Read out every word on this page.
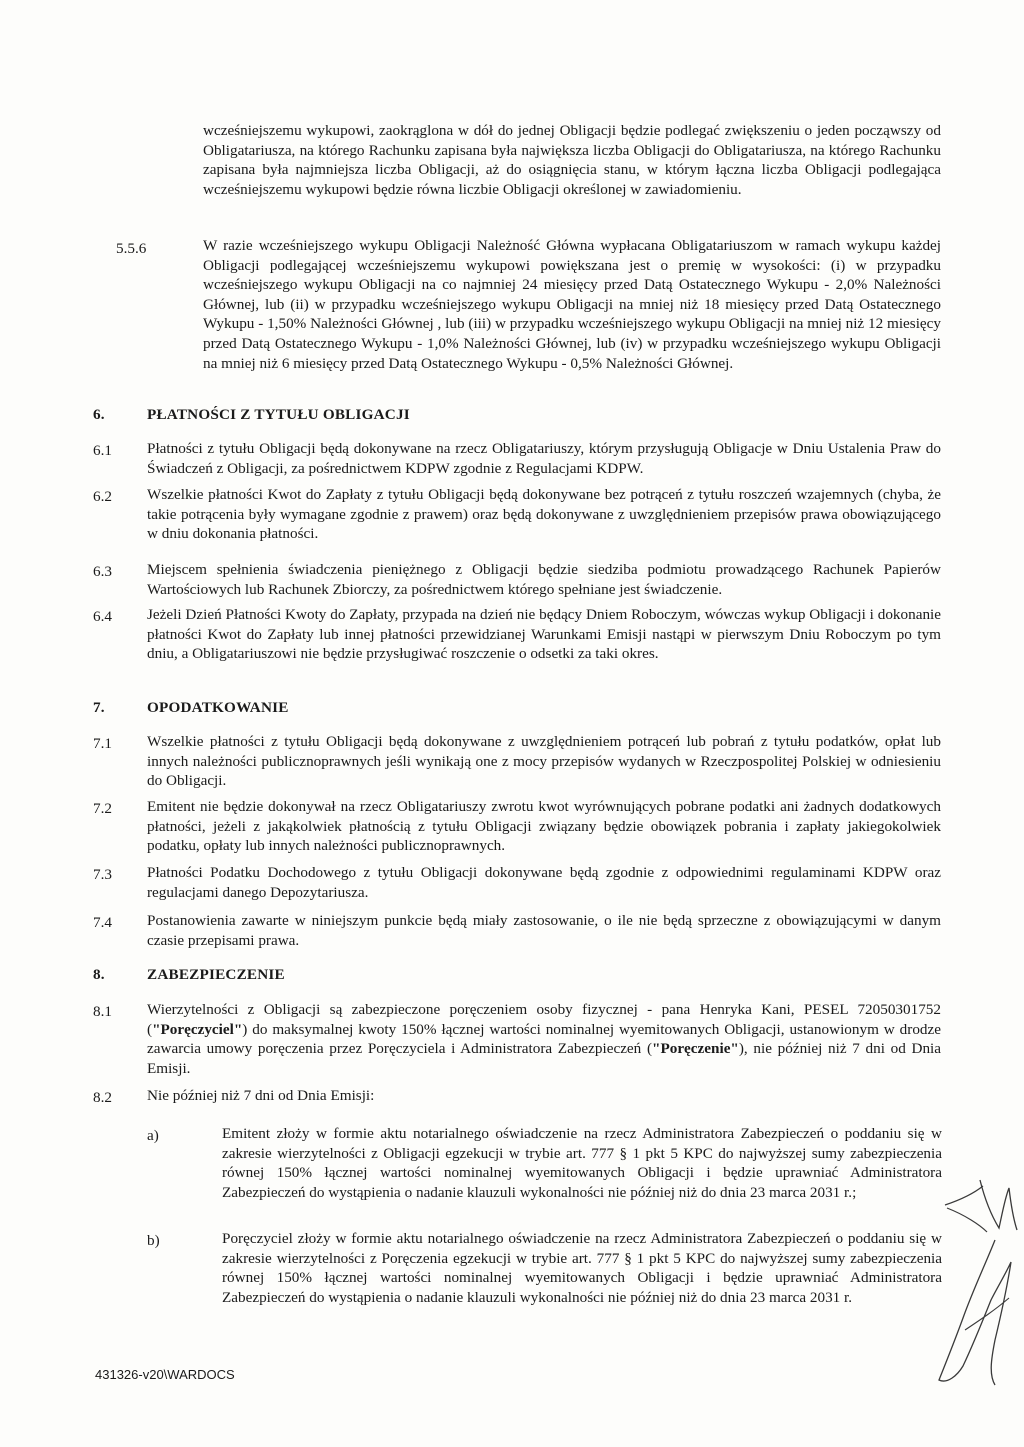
wcześniejszemu wykupowi, zaokrąglona w dół do jednej Obligacji będzie podlegać zwiększeniu o jeden począwszy od Obligatariusza, na którego Rachunku zapisana była największa liczba Obligacji do Obligatariusza, na którego Rachunku zapisana była najmniejsza liczba Obligacji, aż do osiągnięcia stanu, w którym łączna liczba Obligacji podlegająca wcześniejszemu wykupowi będzie równa liczbie Obligacji określonej w zawiadomieniu.
5.5.6	W razie wcześniejszego wykupu Obligacji Należność Główna wypłacana Obligatariuszom w ramach wykupu każdej Obligacji podlegającej wcześniejszemu wykupowi powiększana jest o premię w wysokości: (i) w przypadku wcześniejszego wykupu Obligacji na co najmniej 24 miesięcy przed Datą Ostatecznego Wykupu - 2,0% Należności Głównej, lub (ii) w przypadku wcześniejszego wykupu Obligacji na mniej niż 18 miesięcy przed Datą Ostatecznego Wykupu - 1,50% Należności Głównej , lub (iii) w przypadku wcześniejszego wykupu Obligacji na mniej niż 12 miesięcy przed Datą Ostatecznego Wykupu - 1,0% Należności Głównej, lub (iv) w przypadku wcześniejszego wykupu Obligacji na mniej niż 6 miesięcy przed Datą Ostatecznego Wykupu - 0,5% Należności Głównej.
6.	PŁATNOŚCI Z TYTUŁU OBLIGACJI
6.1 Płatności z tytułu Obligacji będą dokonywane na rzecz Obligatariuszy, którym przysługują Obligacje w Dniu Ustalenia Praw do Świadczeń z Obligacji, za pośrednictwem KDPW zgodnie z Regulacjami KDPW.
6.2 Wszelkie płatności Kwot do Zapłaty z tytułu Obligacji będą dokonywane bez potrąceń z tytułu roszczeń wzajemnych (chyba, że takie potrącenia były wymagane zgodnie z prawem) oraz będą dokonywane z uwzględnieniem przepisów prawa obowiązującego w dniu dokonania płatności.
6.3 Miejscem spełnienia świadczenia pieniężnego z Obligacji będzie siedziba podmiotu prowadzącego Rachunek Papierów Wartościowych lub Rachunek Zbiorczy, za pośrednictwem którego spełniane jest świadczenie.
6.4 Jeżeli Dzień Płatności Kwoty do Zapłaty, przypada na dzień nie będący Dniem Roboczym, wówczas wykup Obligacji i dokonanie płatności Kwot do Zapłaty lub innej płatności przewidzianej Warunkami Emisji nastąpi w pierwszym Dniu Roboczym po tym dniu, a Obligatariuszowi nie będzie przysługiwać roszczenie o odsetki za taki okres.
7.	OPODATKOWANIE
7.1 Wszelkie płatności z tytułu Obligacji będą dokonywane z uwzględnieniem potrąceń lub pobrań z tytułu podatków, opłat lub innych należności publicznoprawnych jeśli wynikają one z mocy przepisów wydanych w Rzeczpospolitej Polskiej w odniesieniu do Obligacji.
7.2 Emitent nie będzie dokonywał na rzecz Obligatariuszy zwrotu kwot wyrównujących pobrane podatki ani żadnych dodatkowych płatności, jeżeli z jakąkolwiek płatnością z tytułu Obligacji związany będzie obowiązek pobrania i zapłaty jakiegokolwiek podatku, opłaty lub innych należności publicznoprawnych.
7.3 Płatności Podatku Dochodowego z tytułu Obligacji dokonywane będą zgodnie z odpowiednimi regulaminami KDPW oraz regulacjami danego Depozytariusza.
7.4 Postanowienia zawarte w niniejszym punkcie będą miały zastosowanie, o ile nie będą sprzeczne z obowiązującymi w danym czasie przepisami prawa.
8.	ZABEZPIECZENIE
8.1 Wierzytelności z Obligacji są zabezpieczone poręczeniem osoby fizycznej - pana Henryka Kani, PESEL 72050301752 ("Poręczyciel") do maksymalnej kwoty 150% łącznej wartości nominalnej wyemitowanych Obligacji, ustanowionym w drodze zawarcia umowy poręczenia przez Poręczyciela i Administratora Zabezpieczeń ("Poręczenie"), nie później niż 7 dni od Dnia Emisji.
8.2 Nie później niż 7 dni od Dnia Emisji:
a)	Emitent złoży w formie aktu notarialnego oświadczenie na rzecz Administratora Zabezpieczeń o poddaniu się w zakresie wierzytelności z Obligacji egzekucji w trybie art. 777 § 1 pkt 5 KPC do najwyższej sumy zabezpieczenia równej 150% łącznej wartości nominalnej wyemitowanych Obligacji i będzie uprawniać Administratora Zabezpieczeń do wystąpienia o nadanie klauzuli wykonalności nie później niż do dnia 23 marca 2031 r.;
b)	Poręczyciel złoży w formie aktu notarialnego oświadczenie na rzecz Administratora Zabezpieczeń o poddaniu się w zakresie wierzytelności z Poręczenia egzekucji w trybie art. 777 § 1 pkt 5 KPC do najwyższej sumy zabezpieczenia równej 150% łącznej wartości nominalnej wyemitowanych Obligacji i będzie uprawniać Administratora Zabezpieczeń do wystąpienia o nadanie klauzuli wykonalności nie później niż do dnia 23 marca 2031 r.
431326-v20\WARDOCS
